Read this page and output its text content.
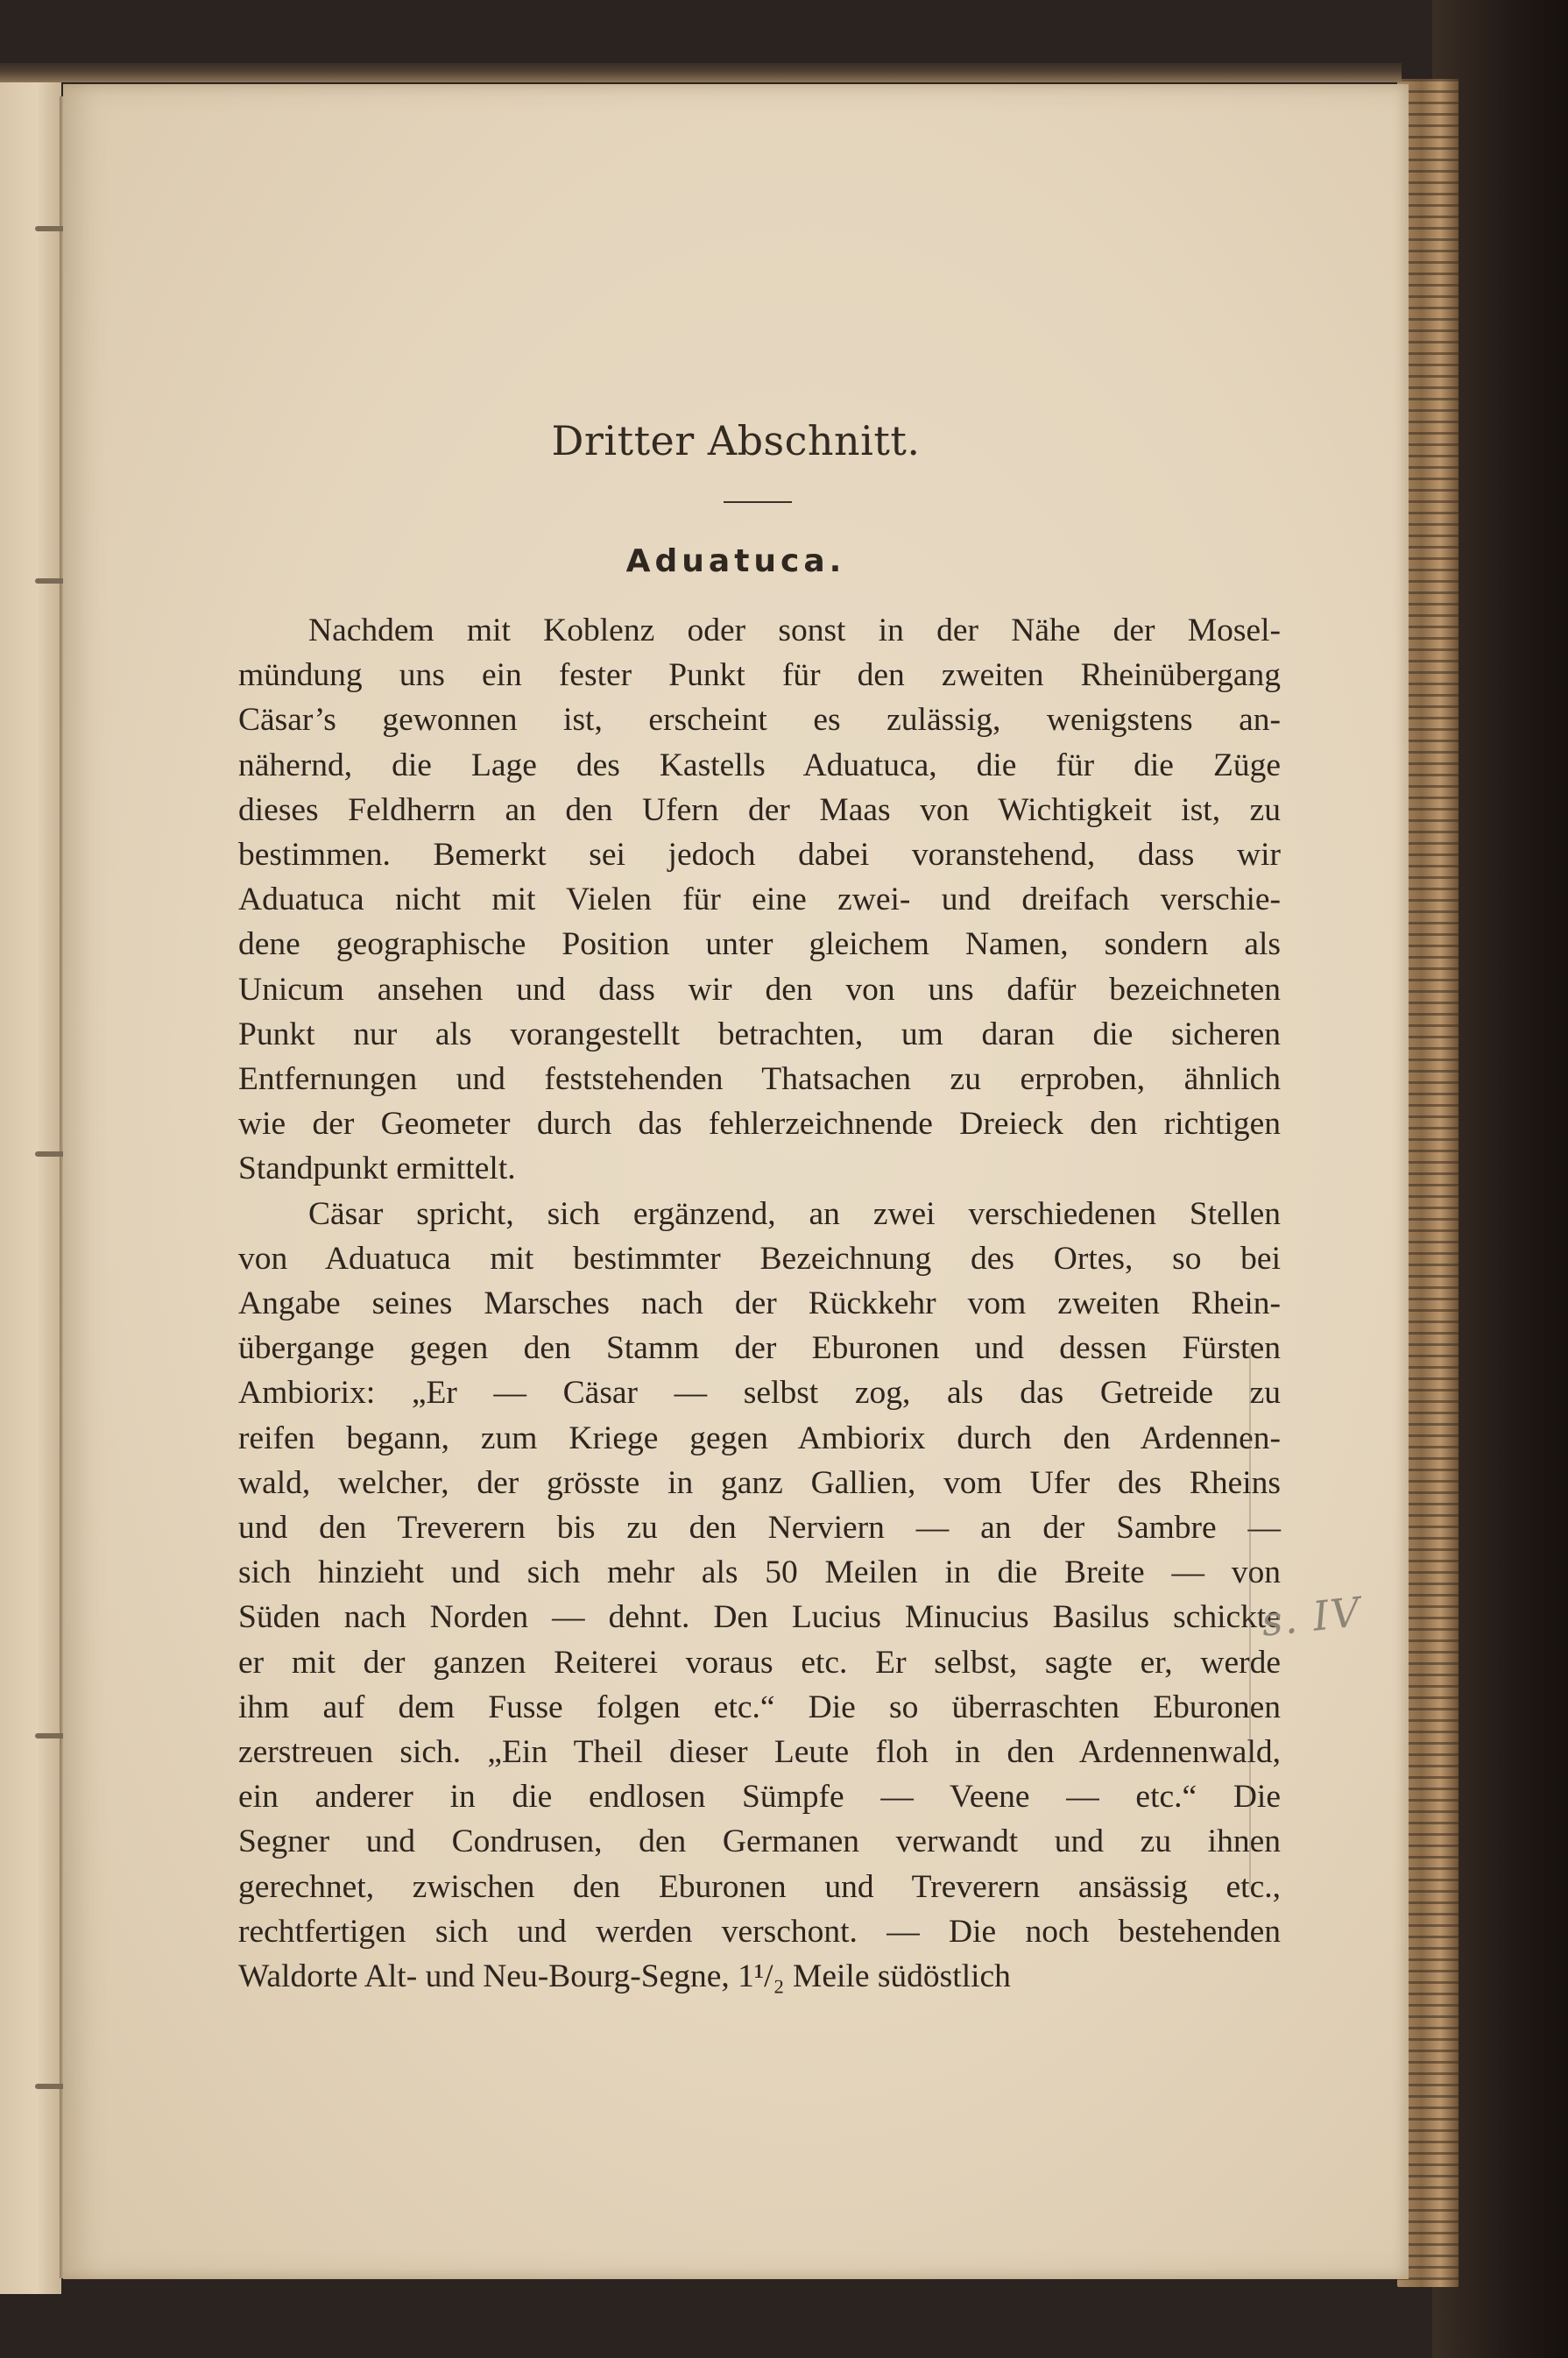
Dritter Abschnitt.
Aduatuca.

Nachdem mit Koblenz oder sonst in der Nähe der Mosel-
mündung uns ein fester Punkt für den zweiten Rheinübergang
Cäsar’s gewonnen ist, erscheint es zulässig, wenigstens an-
nähernd, die Lage des Kastells Aduatuca, die für die Züge
dieses Feldherrn an den Ufern der Maas von Wichtigkeit ist, zu
bestimmen. Bemerkt sei jedoch dabei voranstehend, dass wir
Aduatuca nicht mit Vielen für eine zwei- und dreifach verschie-
dene geographische Position unter gleichem Namen, sondern als
Unicum ansehen und dass wir den von uns dafür bezeichneten
Punkt nur als vorangestellt betrachten, um daran die sicheren
Entfernungen und feststehenden Thatsachen zu erproben, ähnlich
wie der Geometer durch das fehlerzeichnende Dreieck den richtigen
Standpunkt ermittelt.

Cäsar spricht, sich ergänzend, an zwei verschiedenen Stellen
von Aduatuca mit bestimmter Bezeichnung des Ortes, so bei
Angabe seines Marsches nach der Rückkehr vom zweiten Rhein-
übergange gegen den Stamm der Eburonen und dessen Fürsten
Ambiorix: „Er — Cäsar — selbst zog, als das Getreide zu
reifen begann, zum Kriege gegen Ambiorix durch den Ardennen-
wald, welcher, der grösste in ganz Gallien, vom Ufer des Rheins
und den Treverern bis zu den Nerviern — an der Sambre —
sich hinzieht und sich mehr als 50 Meilen in die Breite — von
Süden nach Norden — dehnt. Den Lucius Minucius Basilus schickte
er mit der ganzen Reiterei voraus etc. Er selbst, sagte er, werde
ihm auf dem Fusse folgen etc.“ Die so überraschten Eburonen
zerstreuen sich. „Ein Theil dieser Leute floh in den Ardennenwald,
ein anderer in die endlosen Sümpfe — Veene — etc.“ Die
Segner und Condrusen, den Germanen verwandt und zu ihnen
gerechnet, zwischen den Eburonen und Treverern ansässig etc.,
rechtfertigen sich und werden verschont. — Die noch bestehenden
Waldorte Alt- und Neu-Bourg-Segne, 1¹/₂ Meile südöstlich

s. IV
